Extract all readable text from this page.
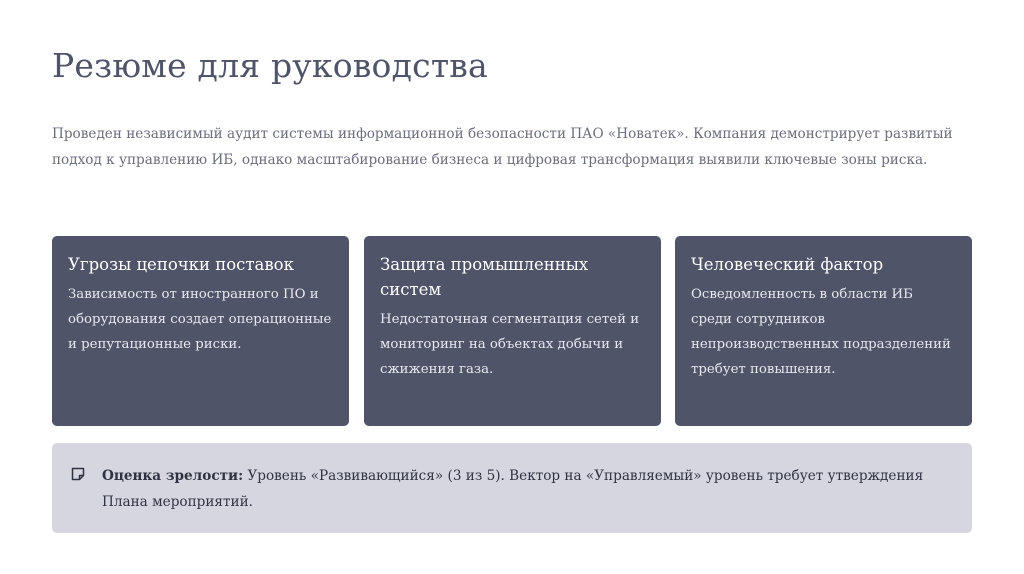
Резюме для руководства

Проведен независимый аудит системы информационной безопасности ПАО «Новатек». Компания демонстрирует развитый подход к управлению ИБ, однако масштабирование бизнеса и цифровая трансформация выявили ключевые зоны риска.

Угрозы цепочки поставок

Зависимость от иностранного ПО и оборудования создает операционные и репутационные риски.

Защита промышленных систем

Недостаточная сегментация сетей и мониторинг на объектах добычи и сжижения газа.

Человеческий фактор

Осведомленность в области ИБ среди сотрудников непроизводственных подразделений требует повышения.

Оценка зрелости: Уровень «Развивающийся» (3 из 5). Вектор на «Управляемый» уровень требует утверждения Плана мероприятий.
